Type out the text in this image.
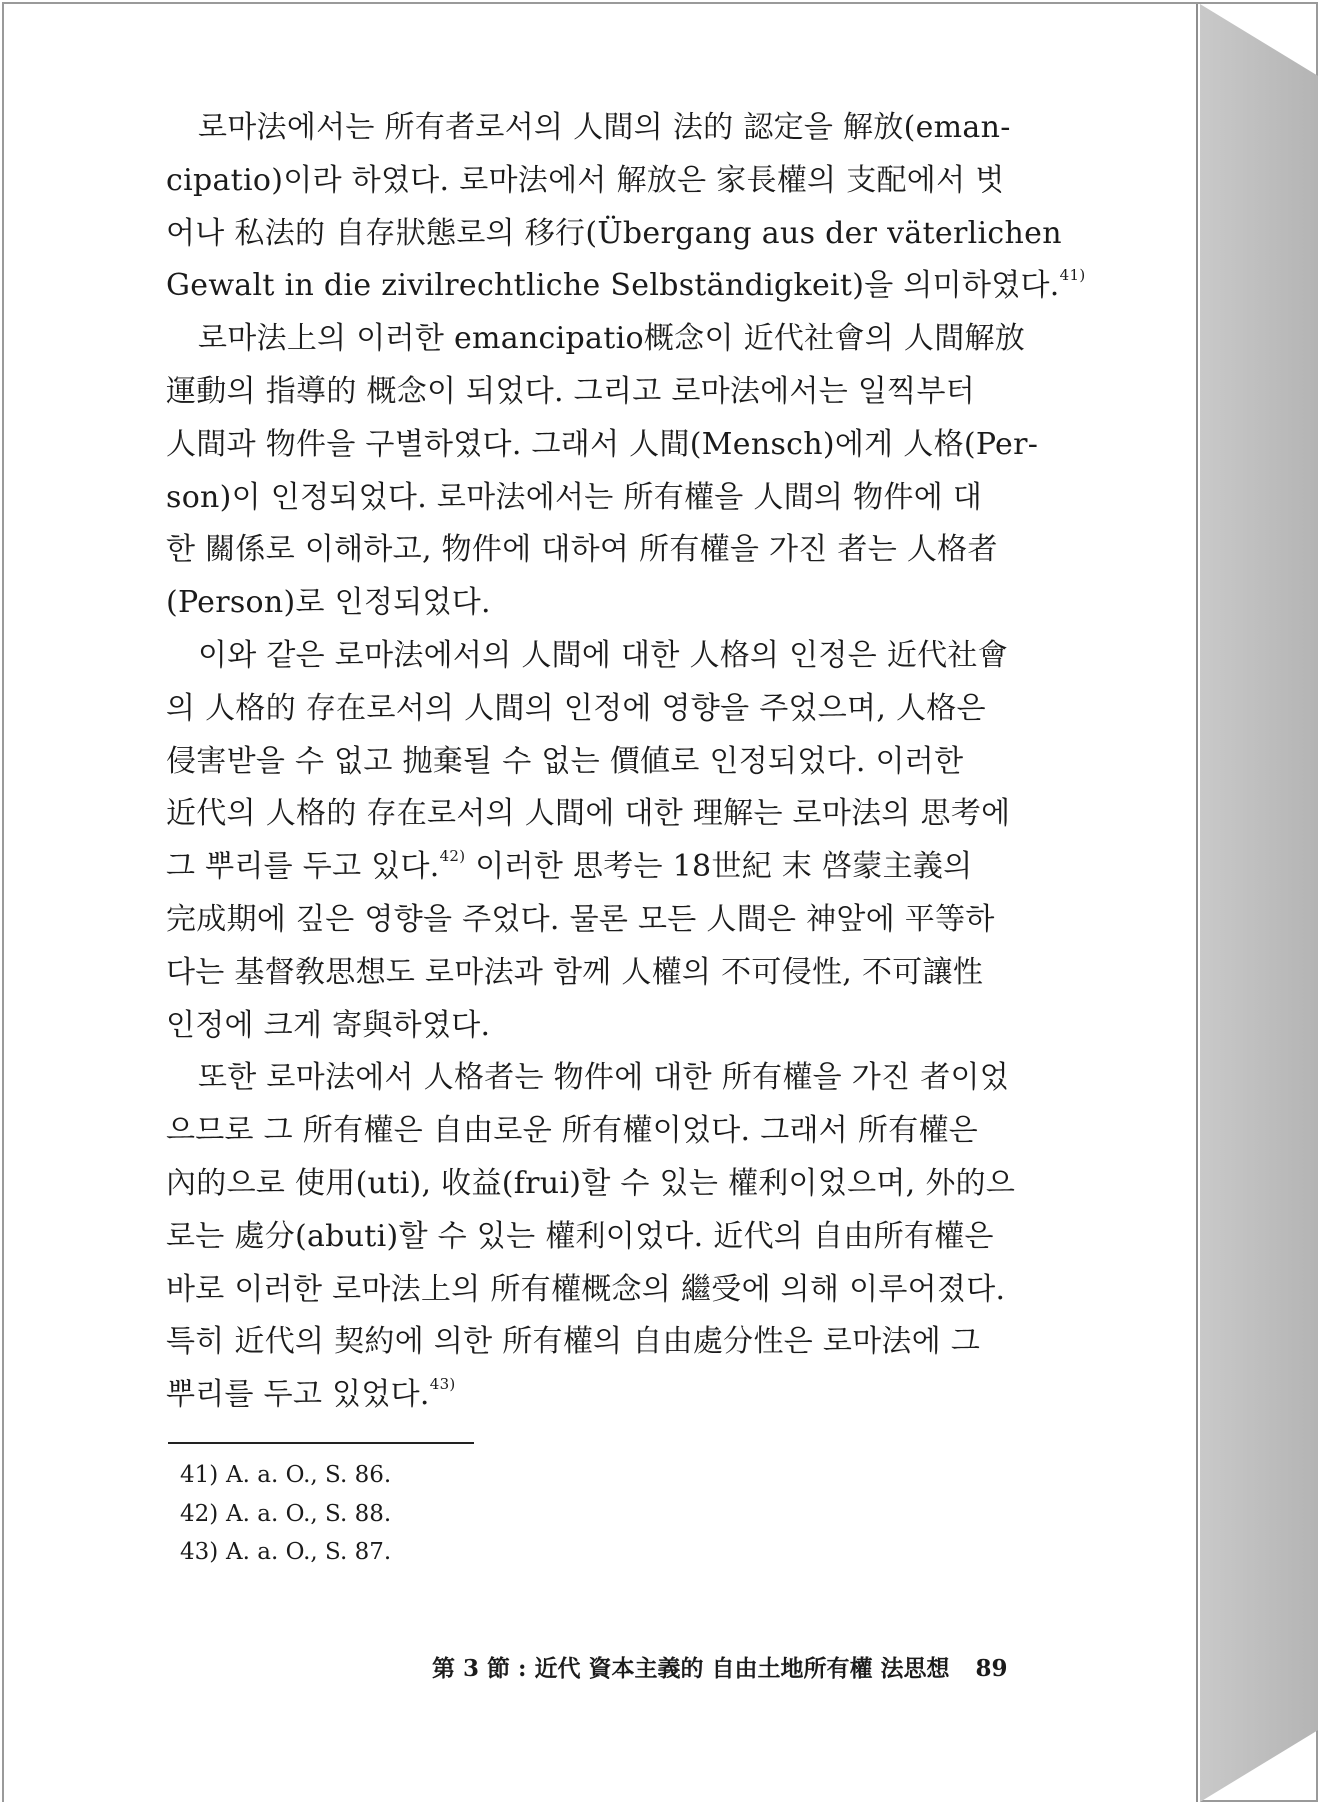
로마法에서는 所有者로서의 人間의 法的 認定을 解放(eman-
cipatio)이라 하였다. 로마法에서 解放은 家長權의 支配에서 벗
어나 私法的 自存狀態로의 移行(Übergang aus der väterlichen
Gewalt in die zivilrechtliche Selbständigkeit)을 의미하였다.$^{41)}$
로마法上의 이러한 emancipatio概念이 近代社會의 人間解放
運動의 指導的 概念이 되었다. 그리고 로마法에서는 일찍부터
人間과 物件을 구별하였다. 그래서 人間(Mensch)에게 人格(Per-
son)이 인정되었다. 로마法에서는 所有權을 人間의 物件에 대
한 關係로 이해하고, 物件에 대하여 所有權을 가진 者는 人格者
(Person)로 인정되었다.
이와 같은 로마法에서의 人間에 대한 人格의 인정은 近代社會
의 人格的 存在로서의 人間의 인정에 영향을 주었으며, 人格은
侵害받을 수 없고 抛棄될 수 없는 價値로 인정되었다. 이러한
近代의 人格的 存在로서의 人間에 대한 理解는 로마法의 思考에
그 뿌리를 두고 있다.$^{42)}$ 이러한 思考는 18世紀 末 啓蒙主義의
完成期에 깊은 영향을 주었다. 물론 모든 人間은 神앞에 平等하
다는 基督敎思想도 로마法과 함께 人權의 不可侵性, 不可讓性
인정에 크게 寄與하였다.
또한 로마法에서 人格者는 物件에 대한 所有權을 가진 者이었
으므로 그 所有權은 自由로운 所有權이었다. 그래서 所有權은
內的으로 使用(uti), 收益(frui)할 수 있는 權利이었으며, 外的으
로는 處分(abuti)할 수 있는 權利이었다. 近代의 自由所有權은
바로 이러한 로마法上의 所有權概念의 繼受에 의해 이루어졌다.
특히 近代의 契約에 의한 所有權의 自由處分性은 로마法에 그
뿌리를 두고 있었다.$^{43)}$
41) A. a. O., S. 86.
42) A. a. O., S. 88.
43) A. a. O., S. 87.
第 3 節 : 近代 資本主義的 自由土地所有權 法思想 89
